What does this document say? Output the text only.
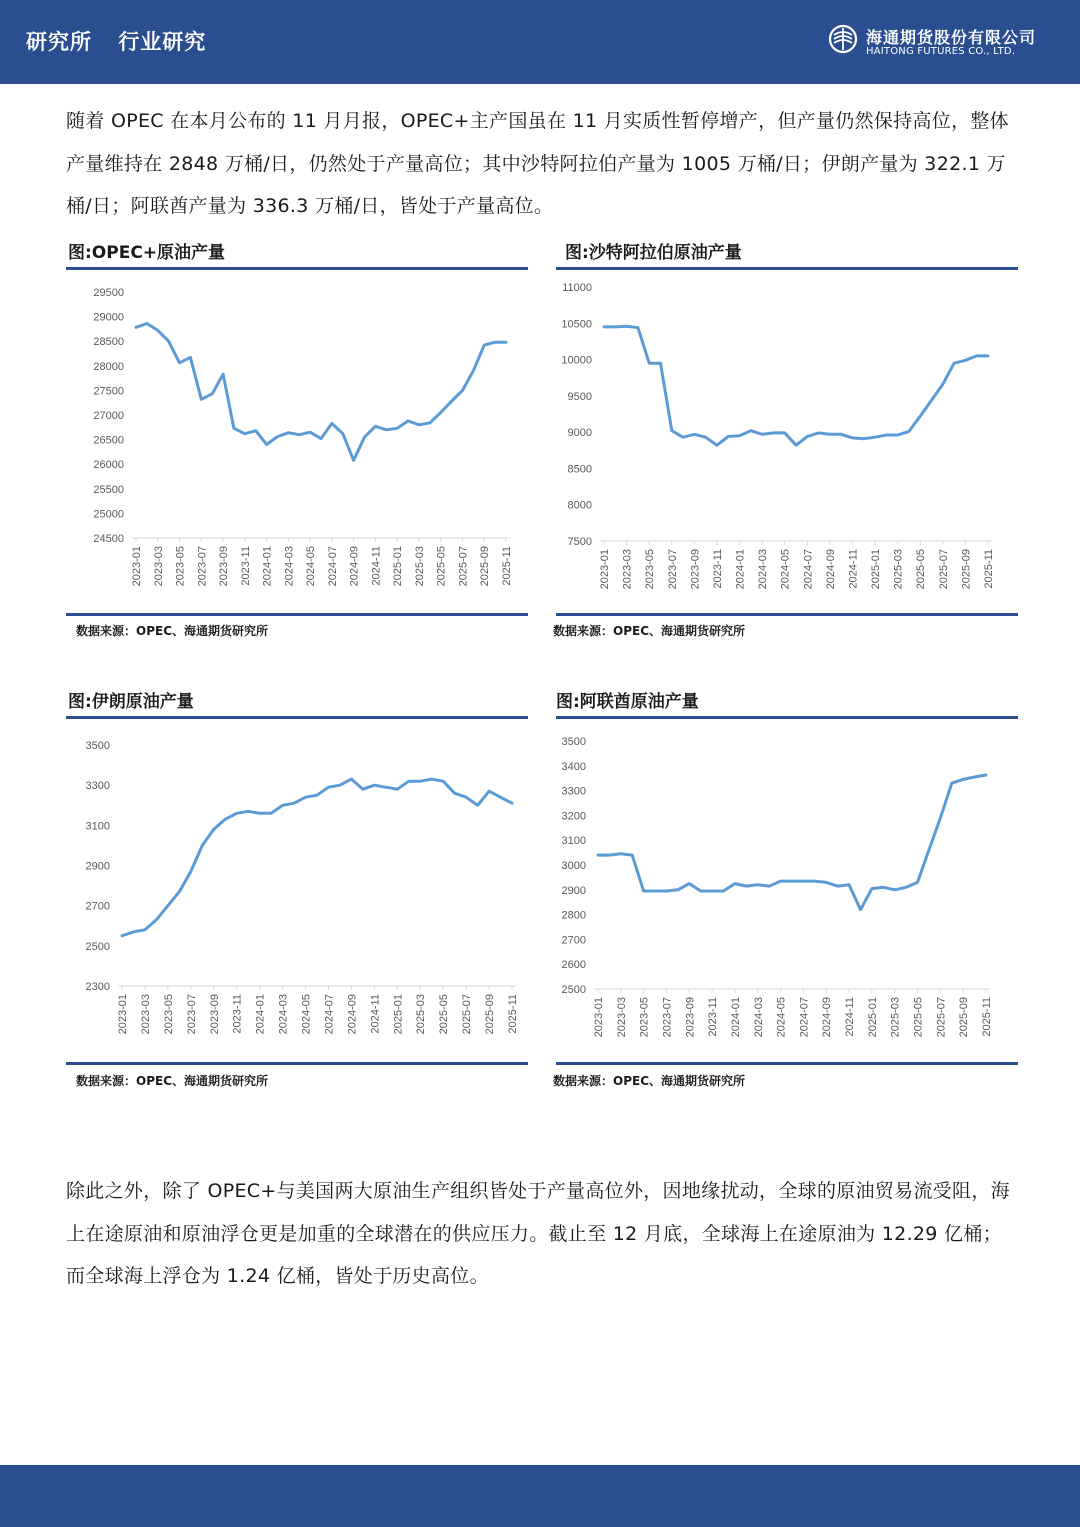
研究所 行业研究	海通期货股份有限公司
HAITONG FUTURES CO., LTD.
随着 OPEC 在本月公布的 11 月月报，OPEC+主产国虽在 11 月实质性暂停增产，但产量仍然保持高位，整体产量维持在 2848 万桶/日，仍然处于产量高位；其中沙特阿拉伯产量为 1005 万桶/日；伊朗产量为 322.1 万桶/日；阿联酋产量为 336.3 万桶/日，皆处于产量高位。
图:OPEC+原油产量
24500
25000
25500
26000
26500
27000
27500
28000
28500
29000
29500
2023-01 2023-03 2023-05 2023-07 2023-09 2023-11 2024-01 2024-03 2024-05 2024-07 2024-09 2024-11 2025-01 2025-03 2025-05 2025-07 2025-09 2025-11
数据来源：OPEC、海通期货研究所
图:沙特阿拉伯原油产量
7500
8000
8500
9000
9500
10000
10500
11000
2023-01 2023-03 2023-05 2023-07 2023-09 2023-11 2024-01 2024-03 2024-05 2024-07 2024-09 2024-11 2025-01 2025-03 2025-05 2025-07 2025-09 2025-11
数据来源：OPEC、海通期货研究所
图:伊朗原油产量
2300
2500
2700
2900
3100
3300
3500
2023-01 2023-03 2023-05 2023-07 2023-09 2023-11 2024-01 2024-03 2024-05 2024-07 2024-09 2024-11 2025-01 2025-03 2025-05 2025-07 2025-09 2025-11
数据来源：OPEC、海通期货研究所
图:阿联酋原油产量
2500
2600
2700
2800
2900
3000
3100
3200
3300
3400
3500
2023-01 2023-03 2023-05 2023-07 2023-09 2023-11 2024-01 2024-03 2024-05 2024-07 2024-09 2024-11 2025-01 2025-03 2025-05 2025-07 2025-09 2025-11
数据来源：OPEC、海通期货研究所
除此之外，除了 OPEC+与美国两大原油生产组织皆处于产量高位外，因地缘扰动，全球的原油贸易流受阻，海上在途原油和原油浮仓更是加重的全球潜在的供应压力。截止至 12 月底，全球海上在途原油为 12.29 亿桶；而全球海上浮仓为 1.24 亿桶，皆处于历史高位。
